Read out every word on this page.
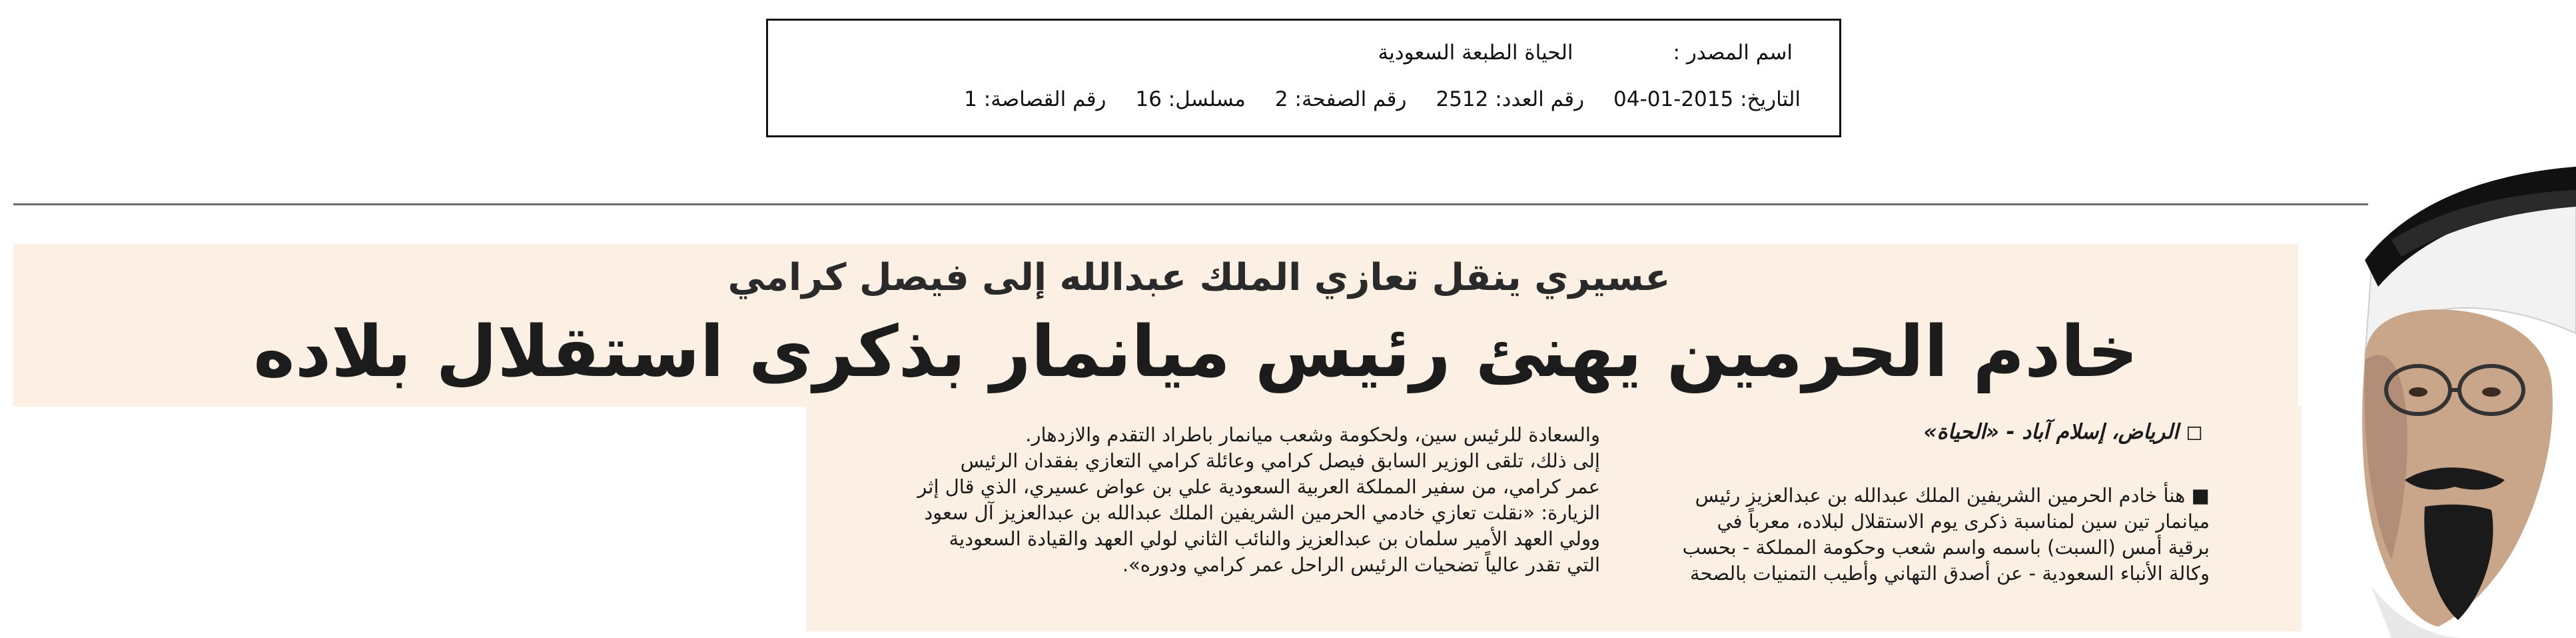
اسم المصدر :
الحياة الطبعة السعودية
التاريخ: 2015-01-04
رقم العدد: 2512
رقم الصفحة: 2
مسلسل: 16
رقم القصاصة: 1
عسيري ينقل تعازي الملك عبدالله إلى فيصل كرامي
خادم الحرمين يهنئ رئيس ميانمار بذكرى استقلال بلاده
◻ الرياض، إسلام آباد - «الحياة»

■ هنأ خادم الحرمين الشريفين الملك عبدالله بن عبدالعزيز رئيس

ميانمار تين سين لمناسبة ذكرى يوم الاستقلال لبلاده، معرباً في

برقية أمس (السبت) باسمه واسم شعب وحكومة المملكة - بحسب

وكالة الأنباء السعودية - عن أصدق التهاني وأطيب التمنيات بالصحة

والسعادة للرئيس سين، ولحكومة وشعب ميانمار باطراد التقدم والازدهار.

إلى ذلك، تلقى الوزير السابق فيصل كرامي وعائلة كرامي التعازي بفقدان الرئيس

عمر كرامي، من سفير المملكة العربية السعودية علي بن عواض عسيري، الذي قال إثر

الزيارة: «نقلت تعازي خادمي الحرمين الشريفين الملك عبدالله بن عبدالعزيز آل سعود

وولي العهد الأمير سلمان بن عبدالعزيز والنائب الثاني لولي العهد والقيادة السعودية

التي تقدر عالياً تضحيات الرئيس الراحل عمر كرامي ودوره».
